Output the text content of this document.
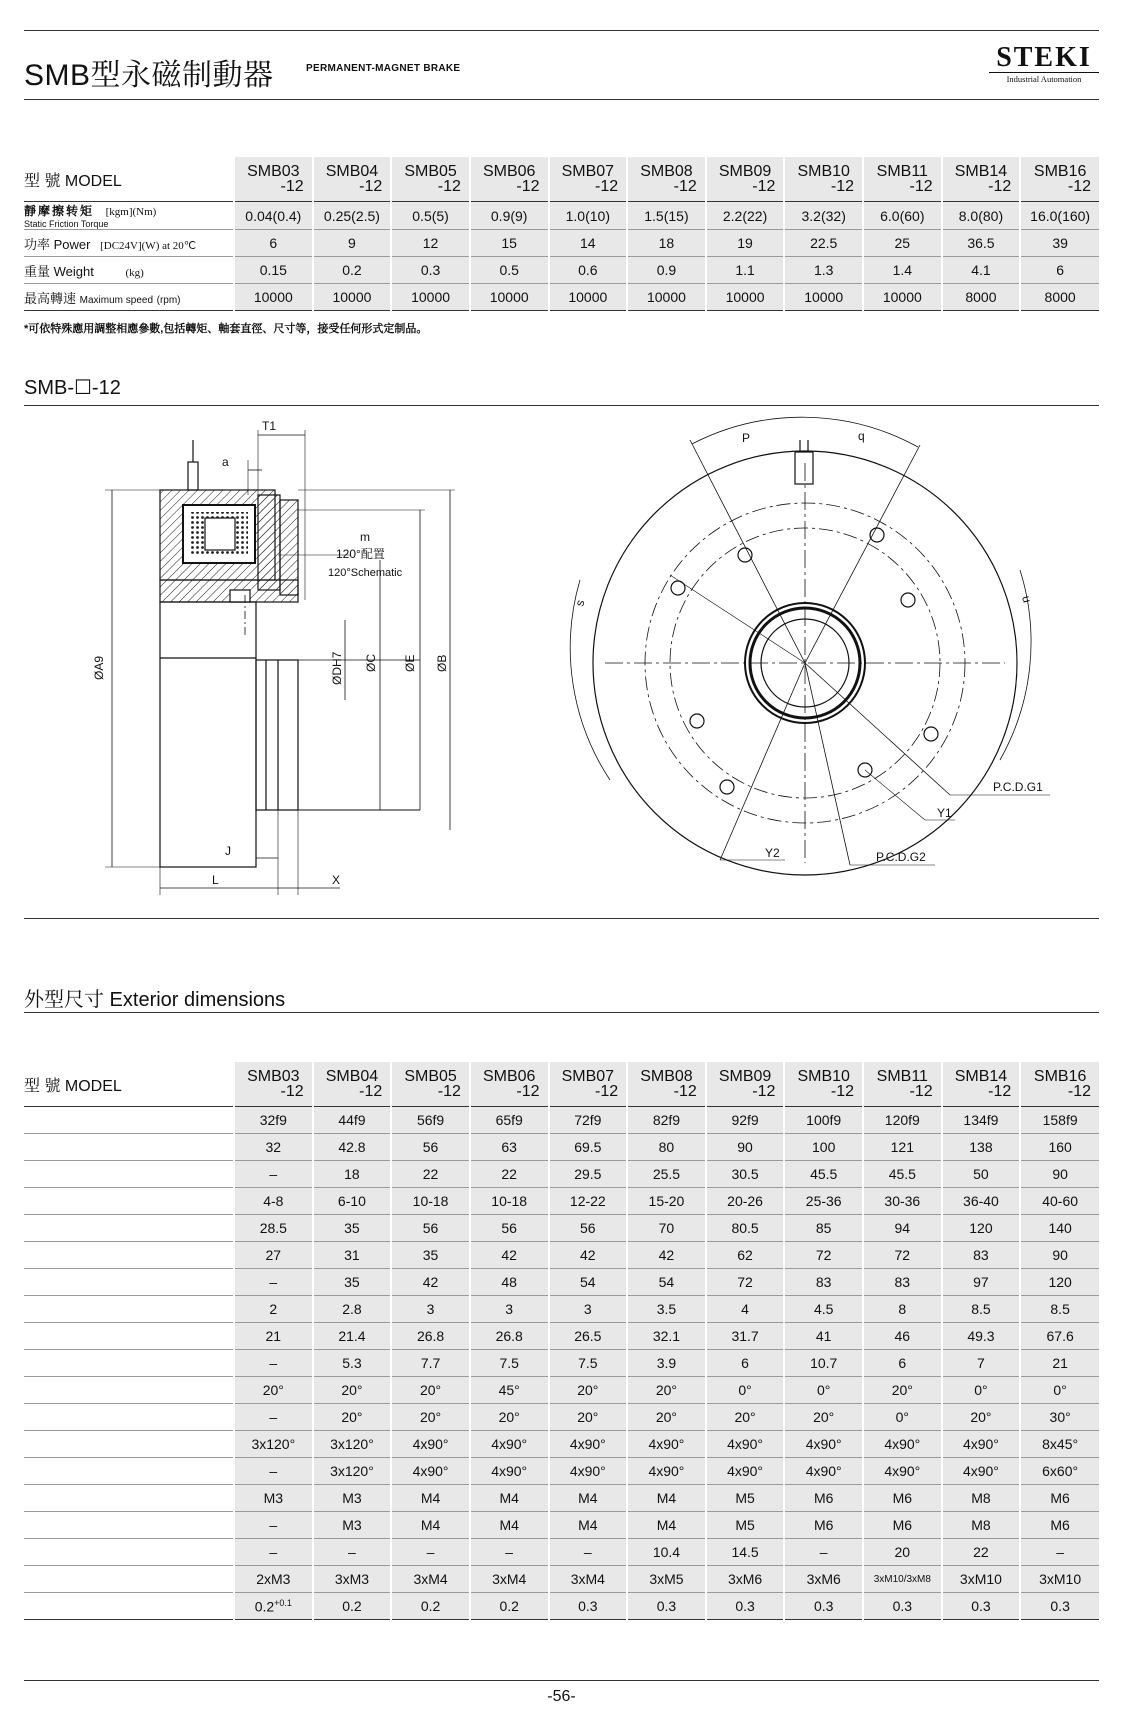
SMB型永磁制動器	PERMANENT-MAGNET BRAKE	STEKI
Industrial Automation
型 號 MODEL	SMB03
-12	SMB04
-12	SMB05
-12	SMB06
-12	SMB07
-12	SMB08
-12	SMB09
-12	SMB10
-12	SMB11
-12	SMB14
-12	SMB16
-12

靜摩擦转矩 [kgm](Nm)
Static Friction Torque	0.04(0.4)	0.25(2.5)	0.5(5)	0.9(9)	1.0(10)	1.5(15)	2.2(22)	3.2(32)	6.0(60)	8.0(80)	16.0(160)
功率 Power [DC24V](W) at 20℃	6	9	12	15	14	18	19	22.5	25	36.5	39
重量 Weight (kg)	0.15	0.2	0.3	0.5	0.6	0.9	1.1	1.3	1.4	4.1	6
最高轉速 Maximum speed (rpm)	10000	10000	10000	10000	10000	10000	10000	10000	10000	8000	8000
*可依特殊應用調整相應參數,包括轉矩、軸套直徑、尺寸等，接受任何形式定制品。
SMB-☐-12
T1
a
m
120°配置
120°Schematic
ØA9	ØDH7 ØC ØE ØB
J
L	X
P	q
s	u
P.C.D.G1
Y1
Y2	P.C.D.G2
外型尺寸 Exterior dimensions
型 號 MODEL	SMB03
-12	SMB04
-12	SMB05
-12	SMB06
-12	SMB07
-12	SMB08
-12	SMB09
-12	SMB10
-12	SMB11
-12	SMB14
-12	SMB16
-12

	32f9	44f9	56f9	65f9	72f9	82f9	92f9	100f9	120f9	134f9	158f9
	32	42.8	56	63	69.5	80	90	100	121	138	160
	–	18	22	22	29.5	25.5	30.5	45.5	45.5	50	90
	4-8	6-10	10-18	10-18	12-22	15-20	20-26	25-36	30-36	36-40	40-60
	28.5	35	56	56	56	70	80.5	85	94	120	140
	27	31	35	42	42	42	62	72	72	83	90
	–	35	42	48	54	54	72	83	83	97	120
	2	2.8	3	3	3	3.5	4	4.5	8	8.5	8.5
	21	21.4	26.8	26.8	26.5	32.1	31.7	41	46	49.3	67.6
	–	5.3	7.7	7.5	7.5	3.9	6	10.7	6	7	21
	20°	20°	20°	45°	20°	20°	0°	0°	20°	0°	0°
	–	20°	20°	20°	20°	20°	20°	20°	0°	20°	30°
	3x120°	3x120°	4x90°	4x90°	4x90°	4x90°	4x90°	4x90°	4x90°	4x90°	8x45°
	–	3x120°	4x90°	4x90°	4x90°	4x90°	4x90°	4x90°	4x90°	4x90°	6x60°
	M3	M3	M4	M4	M4	M4	M5	M6	M6	M8	M6
	–	M3	M4	M4	M4	M4	M5	M6	M6	M8	M6
	–	–	–	–	–	10.4	14.5	–	20	22	–
	2xM3	3xM3	3xM4	3xM4	3xM4	3xM5	3xM6	3xM6	3xM10/3xM8	3xM10	3xM10
	$0.2^{+0.1}$	0.2	0.2	0.2	0.3	0.3	0.3	0.3	0.3	0.3	0.3
-56-
